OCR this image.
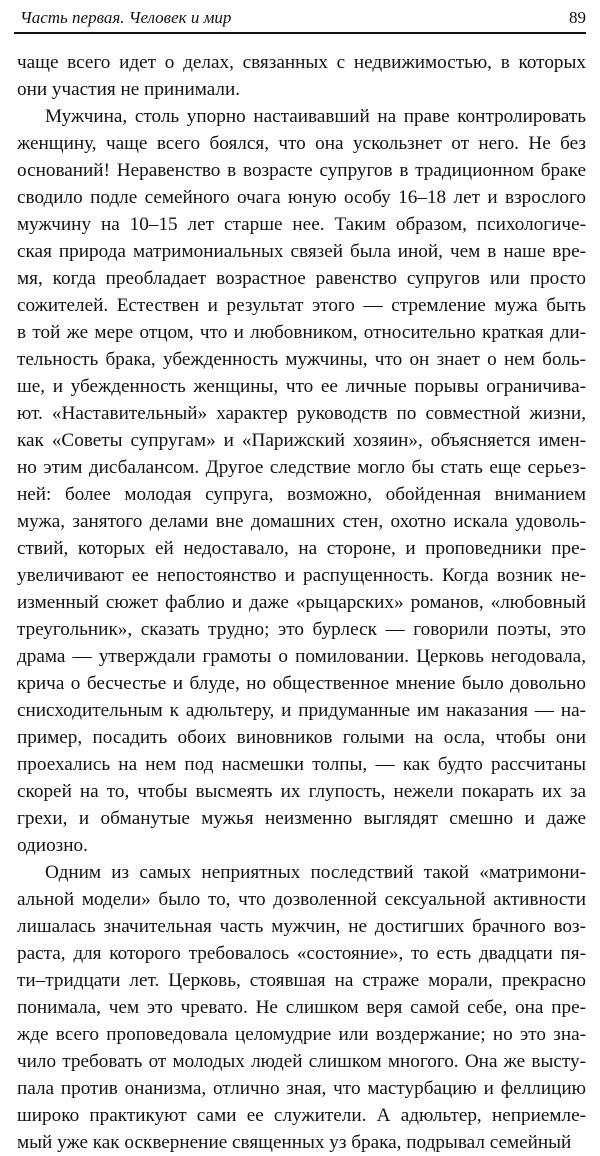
Часть первая. Человек и мир	89
чаще всего идет о делах, связанных с недвижимостью, в которых
они участия не принимали.
Мужчина, столь упорно настаивавший на праве контролировать
женщину, чаще всего боялся, что она ускользнет от него. Не без
оснований! Неравенство в возрасте супругов в традиционном браке
сводило подле семейного очага юную особу 16–18 лет и взрослого
мужчину на 10–15 лет старше нее. Таким образом, психологиче-
ская природа матримониальных связей была иной, чем в наше вре-
мя, когда преобладает возрастное равенство супругов или просто
сожителей. Естествен и результат этого — стремление мужа быть
в той же мере отцом, что и любовником, относительно краткая дли-
тельность брака, убежденность мужчины, что он знает о нем боль-
ше, и убежденность женщины, что ее личные порывы ограничива-
ют. «Наставительный» характер руководств по совместной жизни,
как «Советы супругам» и «Парижский хозяин», объясняется имен-
но этим дисбалансом. Другое следствие могло бы стать еще серьез-
ней: более молодая супруга, возможно, обойденная вниманием
мужа, занятого делами вне домашних стен, охотно искала удоволь-
ствий, которых ей недоставало, на стороне, и проповедники пре-
увеличивают ее непостоянство и распущенность. Когда возник не-
изменный сюжет фаблио и даже «рыцарских» романов, «любовный
треугольник», сказать трудно; это бурлеск — говорили поэты, это
драма — утверждали грамоты о помиловании. Церковь негодовала,
крича о бесчестье и блуде, но общественное мнение было довольно
снисходительным к адюльтеру, и придуманные им наказания — на-
пример, посадить обоих виновников голыми на осла, чтобы они
проехались на нем под насмешки толпы, — как будто рассчитаны
скорей на то, чтобы высмеять их глупость, нежели покарать их за
грехи, и обманутые мужья неизменно выглядят смешно и даже
одиозно.
Одним из самых неприятных последствий такой «матримони-
альной модели» было то, что дозволенной сексуальной активности
лишалась значительная часть мужчин, не достигших брачного воз-
раста, для которого требовалось «состояние», то есть двадцати пя-
ти–тридцати лет. Церковь, стоявшая на страже морали, прекрасно
понимала, чем это чревато. Не слишком веря самой себе, она пре-
жде всего проповедовала целомудрие или воздержание; но это зна-
чило требовать от молодых людей слишком многого. Она же высту-
пала против онанизма, отлично зная, что мастурбацию и феллицию
широко практикуют сами ее служители. А адюльтер, неприемле-
мый уже как осквернение священных уз брака, подрывал семейный
